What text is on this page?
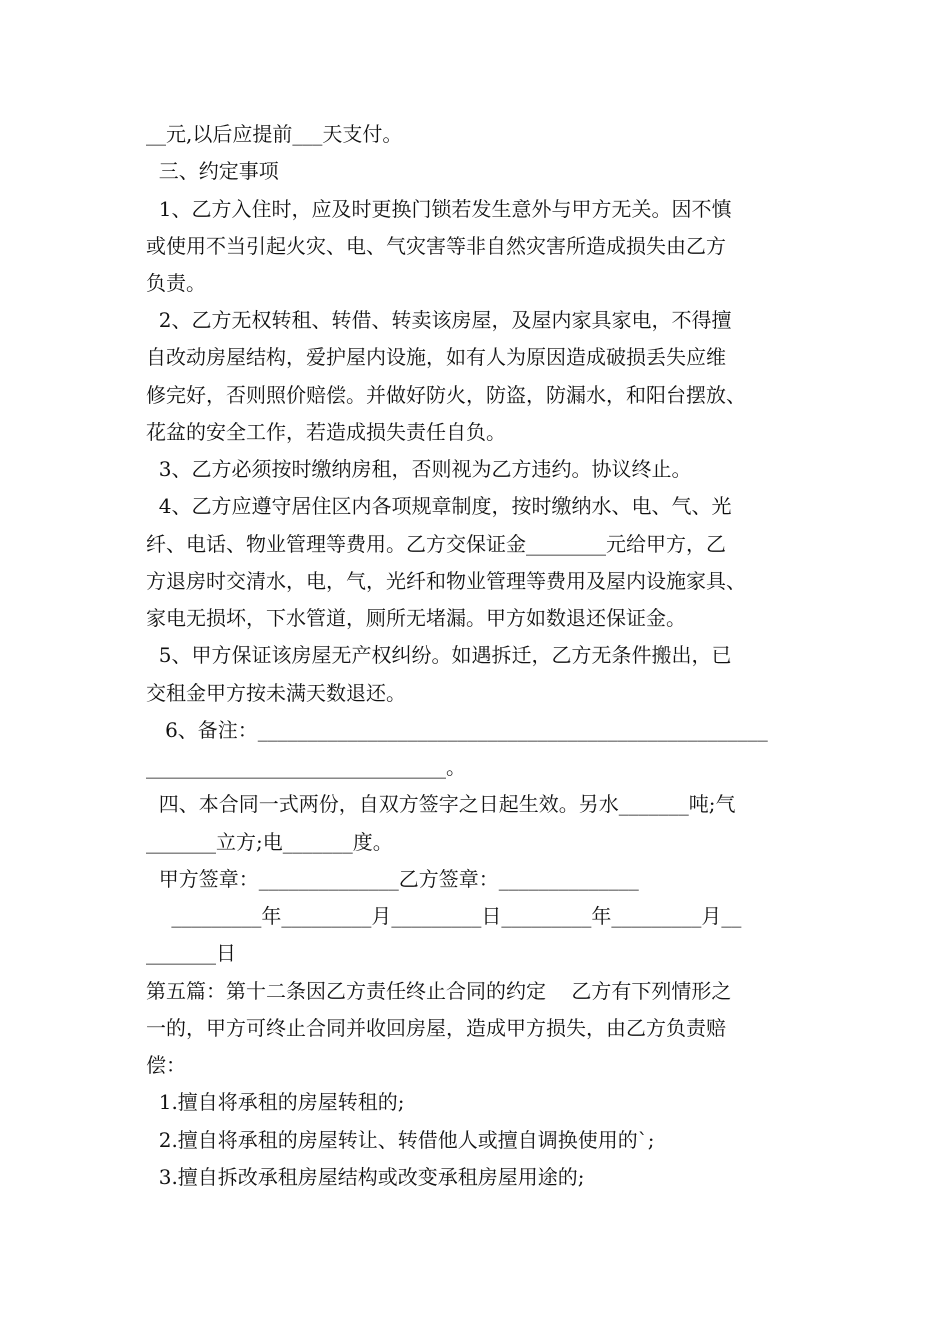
__元,以后应提前___天支付。
三、约定事项
1、乙方入住时，应及时更换门锁若发生意外与甲方无关。因不慎
或使用不当引起火灾、电、气灾害等非自然灾害所造成损失由乙方
负责。
2、乙方无权转租、转借、转卖该房屋，及屋内家具家电，不得擅
自改动房屋结构，爱护屋内设施，如有人为原因造成破损丢失应维
修完好，否则照价赔偿。并做好防火，防盗，防漏水，和阳台摆放、
花盆的安全工作，若造成损失责任自负。
3、乙方必须按时缴纳房租，否则视为乙方违约。协议终止。
4、乙方应遵守居住区内各项规章制度，按时缴纳水、电、气、光
纤、电话、物业管理等费用。乙方交保证金________元给甲方，乙
方退房时交清水，电，气，光纤和物业管理等费用及屋内设施家具、
家电无损坏，下水管道，厕所无堵漏。甲方如数退还保证金。
5、甲方保证该房屋无产权纠纷。如遇拆迁，乙方无条件搬出，已
交租金甲方按未满天数退还。
6、备注：___________________________________________________
______________________________。
四、本合同一式两份，自双方签字之日起生效。另水_______吨;气
_______立方;电_______度。
甲方签章：______________乙方签章：______________
_________年_________月_________日_________年_________月__
_______日
第五篇：第十二条因乙方责任终止合同的约定    乙方有下列情形之
一的，甲方可终止合同并收回房屋，造成甲方损失，由乙方负责赔
偿：
1.擅自将承租的房屋转租的;
2.擅自将承租的房屋转让、转借他人或擅自调换使用的`;
3.擅自拆改承租房屋结构或改变承租房屋用途的;
